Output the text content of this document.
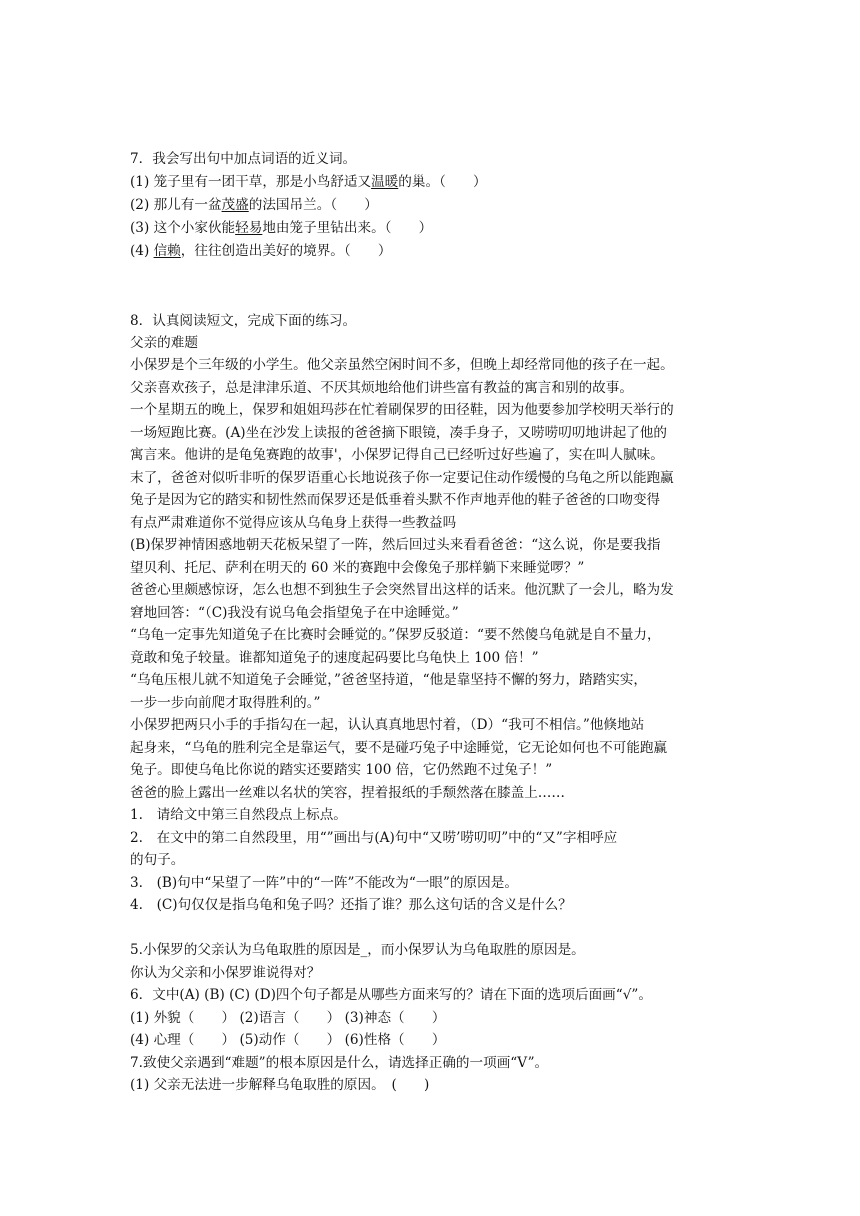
7．我会写出句中加点词语的近义词。
(1) 笼子里有一团干草，那是小鸟舒适又温暖的巢。（　　）
(2) 那儿有一盆茂盛的法国吊兰。（　　）
(3) 这个小家伙能轻易地由笼子里钻出来。（　　）
(4) 信赖，往往创造出美好的境界。（　　）
8．认真阅读短文，完成下面的练习。
父亲的难题
小保罗是个三年级的小学生。他父亲虽然空闲时间不多，但晚上却经常同他的孩子在一起。
父亲喜欢孩子，总是津津乐道、不厌其烦地给他们讲些富有教益的寓言和别的故事。
一个星期五的晚上，保罗和姐姐玛莎在忙着刷保罗的田径鞋，因为他要参加学校明天举行的
一场短跑比赛。(A)坐在沙发上读报的爸爸摘下眼镜，凑手身子，又唠唠叨叨地讲起了他的
寓言来。他讲的是龟兔赛跑的故事'，小保罗记得自己已经听过好些遍了，实在叫人腻味。
末了，爸爸对似听非听的保罗语重心长地说孩子你一定要记住动作缓慢的乌龟之所以能跑赢
兔子是因为它的踏实和韧性然而保罗还是低垂着头默不作声地弄他的鞋子爸爸的口吻变得
有点严肃难道你不觉得应该从乌龟身上获得一些教益吗
(B)保罗神情困惑地朝天花板呆望了一阵，然后回过头来看看爸爸：“这么说，你是要我指
望贝利、托尼、萨利在明天的 60 米的赛跑中会像兔子那样躺下来睡觉啰？”
爸爸心里颇感惊讶，怎么也想不到独生子会突然冒出这样的话来。他沉默了一会儿，略为发
窘地回答：“（C)我没有说乌龟会指望兔子在中途睡觉。”
“乌龟一定事先知道兔子在比赛时会睡觉的。”保罗反驳道：“要不然傻乌龟就是自不量力，
竟敢和兔子较量。谁都知道兔子的速度起码要比乌龟快上 100 倍！”
“乌龟压根儿就不知道兔子会睡觉，”爸爸坚持道，“他是靠坚持不懈的努力，踏踏实实，
一步一步向前爬才取得胜利的。”
小保罗把两只小手的手指勾在一起，认认真真地思忖着，（D）“我可不相信。”他倏地站
起身来，“乌龟的胜利完全是靠运气，要不是碰巧兔子中途睡觉，它无论如何也不可能跑赢
兔子。即使乌龟比你说的踏实还要踏实 100 倍，它仍然跑不过兔子！”
爸爸的脸上露出一丝难以名状的笑容，捏着报纸的手颓然落在膝盖上……
1.　请给文中第三自然段点上标点。
2.　在文中的第二自然段里，用“”画出与(A)句中“又唠’唠叨叨”中的“又”字相呼应
的句子。
3.　(B)句中“呆望了一阵”中的“一阵”不能改为“一眼”的原因是。
4.　(C)句仅仅是指乌龟和兔子吗？还指了谁？那么这句话的含义是什么？
5.小保罗的父亲认为乌龟取胜的原因是_，而小保罗认为乌龟取胜的原因是。
你认为父亲和小保罗谁说得对？
6．文中(A) (B) (C) (D)四个句子都是从哪些方面来写的？请在下面的选项后面画“√”。
(1) 外貌（　　） (2)语言（　　） (3)神态（　　）
(4) 心理（　　） (5)动作（　　） (6)性格（　　）
7.致使父亲遇到“难题”的根本原因是什么，请选择正确的一项画“V”。
(1) 父亲无法进一步解释乌龟取胜的原因。　(　　)
